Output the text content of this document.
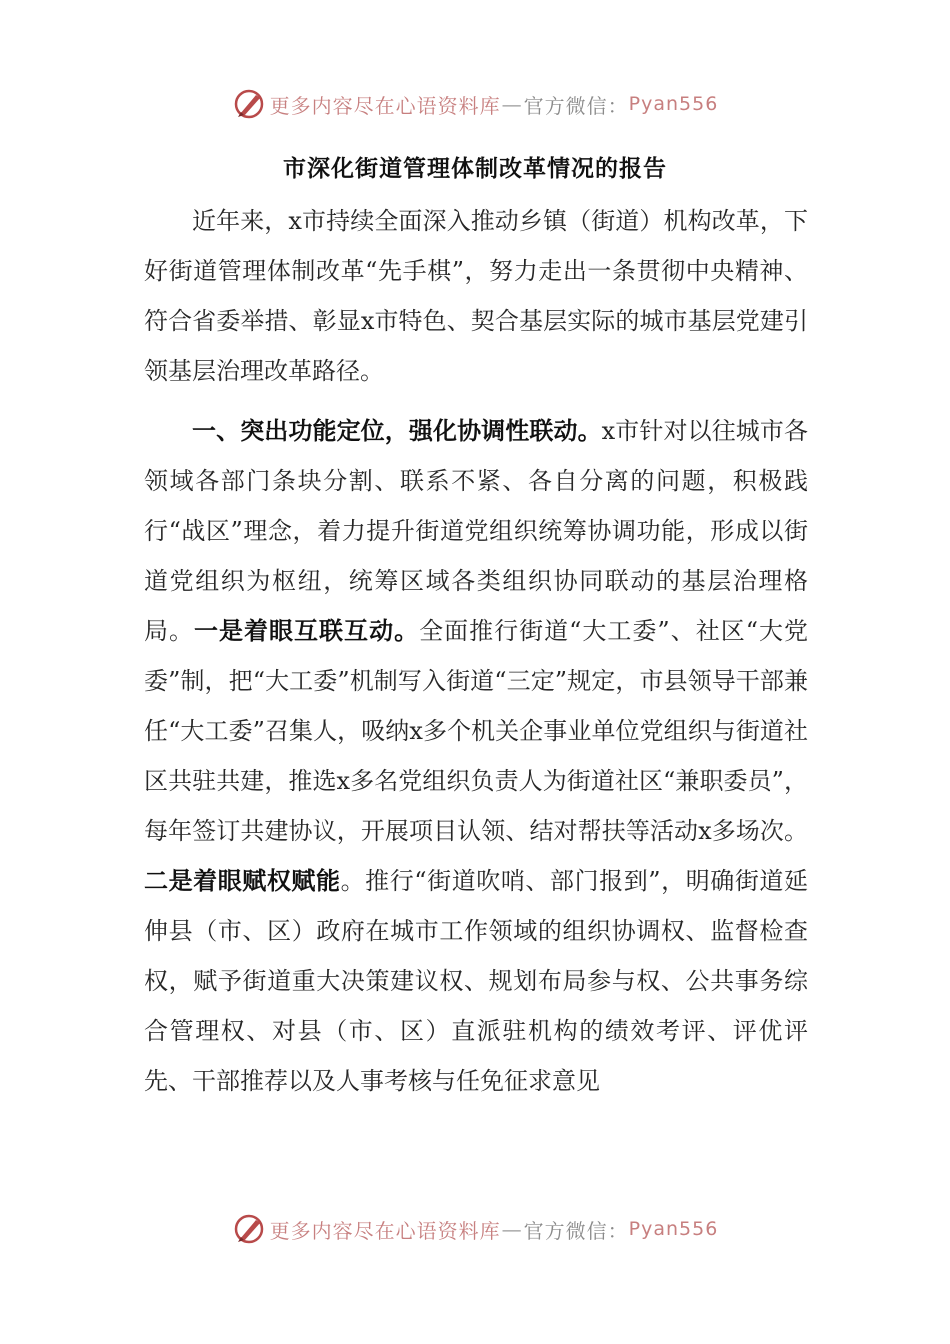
更多内容尽在心语资料库 — 官方微信： Pyan556
市深化街道管理体制改革情况的报告

近年来，x市持续全面深入推动乡镇（街道）机构改革，下好街道管理体制改革“先手棋”，努力走出一条贯彻中央精神、符合省委举措、彰显x市特色、契合基层实际的城市基层党建引领基层治理改革路径。

一、突出功能定位，强化协调性联动。x市针对以往城市各领域各部门条块分割、联系不紧、各自分离的问题，积极践行“战区”理念，着力提升街道党组织统筹协调功能，形成以街道党组织为枢纽，统筹区域各类组织协同联动的基层治理格局。一是着眼互联互动。全面推行街道“大工委”、社区“大党委”制，把“大工委”机制写入街道“三定”规定，市县领导干部兼任“大工委”召集人，吸纳x多个机关企事业单位党组织与街道社区共驻共建，推选x多名党组织负责人为街道社区“兼职委员”，每年签订共建协议，开展项目认领、结对帮扶等活动x多场次。二是着眼赋权赋能。推行“街道吹哨、部门报到”，明确街道延伸县（市、区）政府在城市工作领域的组织协调权、监督检查权，赋予街道重大决策建议权、规划布局参与权、公共事务综合管理权、对县（市、区）直派驻机构的绩效考评、评优评先、干部推荐以及人事考核与任免征求意见

更多内容尽在心语资料库 — 官方微信： Pyan556
